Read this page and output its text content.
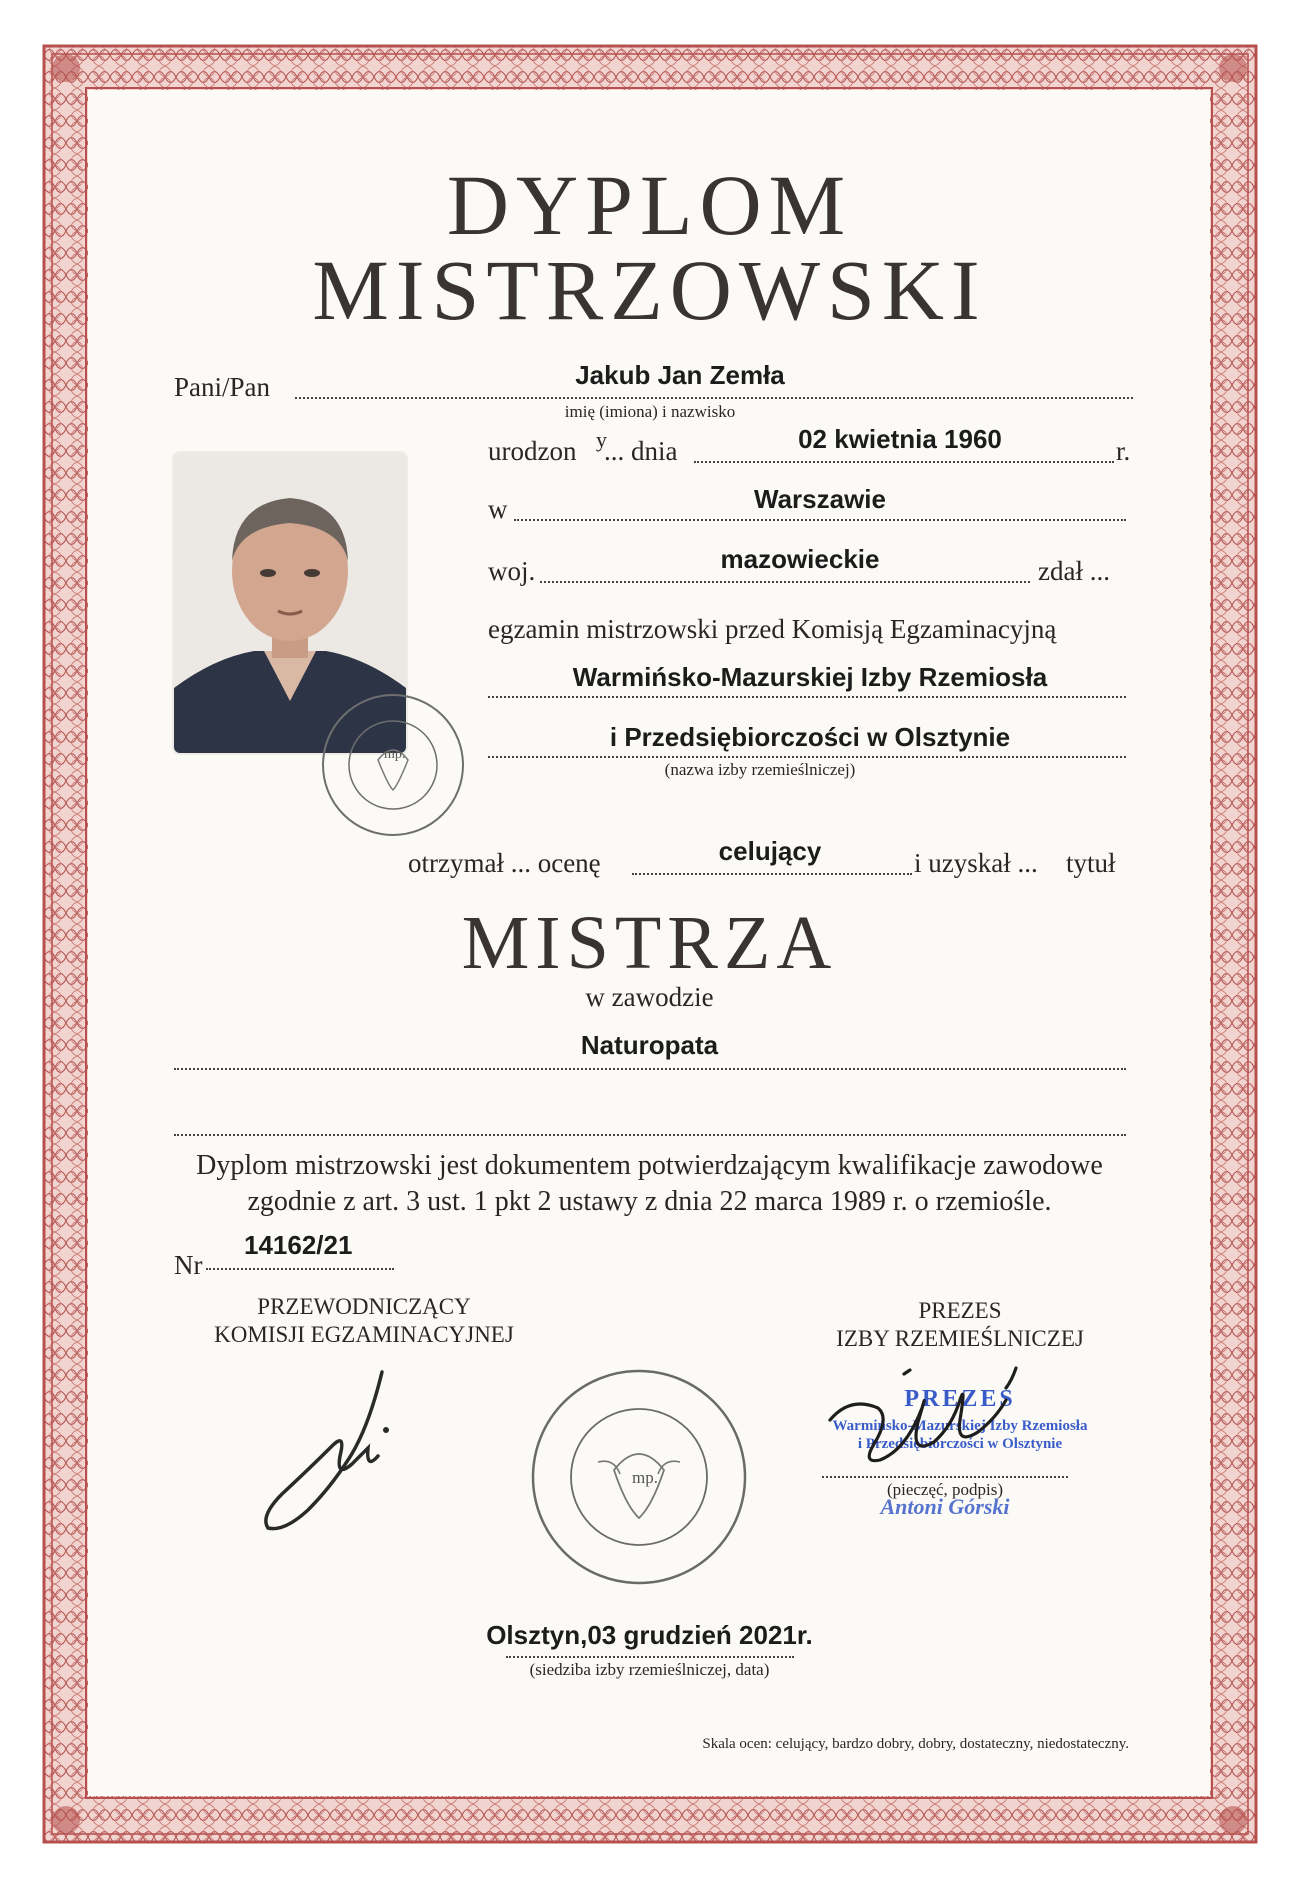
DYPLOM
MISTRZOWSKI
Pani/Pan	Jakub Jan Zemła
imię (imiona) i nazwisko
mp.
urodzon y
... dnia	02 kwietnia 1960	r.
w	Warszawie
woj.	mazowieckie	zdał ...
egzamin mistrzowski przed Komisją Egzaminacyjną
Warmińsko-Mazurskiej Izby Rzemiosła
i Przedsiębiorczości w Olsztynie
(nazwa izby rzemieślniczej)
otrzymał ... ocenę	celujący	i uzyskał ... tytuł
MISTRZA
w zawodzie
Naturopata
Dyplom mistrzowski jest dokumentem potwierdzającym kwalifikacje zawodowe
zgodnie z art. 3 ust. 1 pkt 2 ustawy z dnia 22 marca 1989 r. o rzemiośle.
Nr
14162/21
PRZEWODNICZĄCY
KOMISJI EGZAMINACYJNEJ
PREZES
IZBY RZEMIEŚLNICZEJ
mp.
PREZES
Warmińsko-Mazurskiej Izby Rzemiosła
i Przedsiębiorczości w Olsztynie
(pieczęć, podpis)
Antoni Górski
Olsztyn,03 grudzień 2021r.
(siedziba izby rzemieślniczej, data)
Skala ocen: celujący, bardzo dobry, dobry, dostateczny, niedostateczny.
